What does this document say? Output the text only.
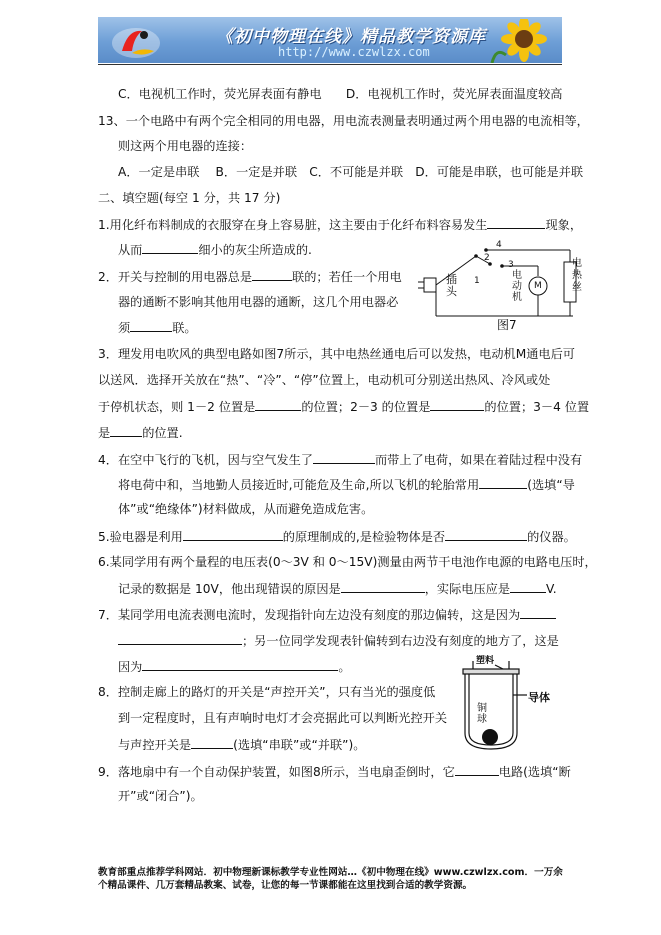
《初中物理在线》精品教学资源库
http://www.czwlzx.com
C．电视机工作时，荧光屏表面有静电　　D．电视机工作时，荧光屏表面温度较高
13、一个电路中有两个完全相同的用电器，用电流表测量表明通过两个用电器的电流相等，
则这两个用电器的连接：
A．一定是串联　 B．一定是并联　C．不可能是并联　D．可能是串联，也可能是并联
二、填空题(每空 1 分，共 17 分)
1.用化纤布料制成的衣服穿在身上容易脏，这主要由于化纤布料容易发生	现象，
从而	细小的灰尘所造成的.
2．开关与控制的用电器总是	联的；若任一个用电
器的通断不影响其他用电器的通断，这几个用电器必
须	联。
插头
电动机
M
电热丝
1
2
3
4
图7
3．理发用电吹风的典型电路如图7所示，其中电热丝通电后可以发热，电动机M通电后可
以送风．选择开关放在“热”、“冷”、“停”位置上，电动机可分别送出热风、冷风或处
于停机状态，则 1－2 位置是	的位置；2－3 的位置是	的位置；3－4 位置
是	的位置.
4．在空中飞行的飞机，因与空气发生了	而带上了电荷，如果在着陆过程中没有
将电荷中和，当地勤人员接近时,可能危及生命,所以飞机的轮胎常用	(选填“导
体”或“绝缘体”)材料做成，从而避免造成危害。
5.验电器是利用	的原理制成的,是检验物体是否	的仪器。
6.某同学用有两个量程的电压表(0～3V 和 0～15V)测量由两节干电池作电源的电路电压时，
记录的数据是 10V，他出现错误的原因是	，实际电压应是	V.
7．某同学用电流表测电流时，发现指针向左边没有刻度的那边偏转，这是因为
；另一位同学发现表针偏转到右边没有刻度的地方了，这是
因为	。	塑料
导体
铜球
8．控制走廊上的路灯的开关是“声控开关”，只有当光的强度低
到一定程度时，且有声响时电灯才会亮据此可以判断光控开关
与声控开关是	(选填“串联”或“并联”)。
9．落地扇中有一个自动保护装置，如图8所示，当电扇歪倒时，它	电路(选填“断
开”或“闭合”)。
教育部重点推荐学科网站．初中物理新课标教学专业性网站…《初中物理在线》www.czwlzx.com．一万余
个精品课件、几万套精品教案、试卷，让您的每一节课都能在这里找到合适的教学资源。
